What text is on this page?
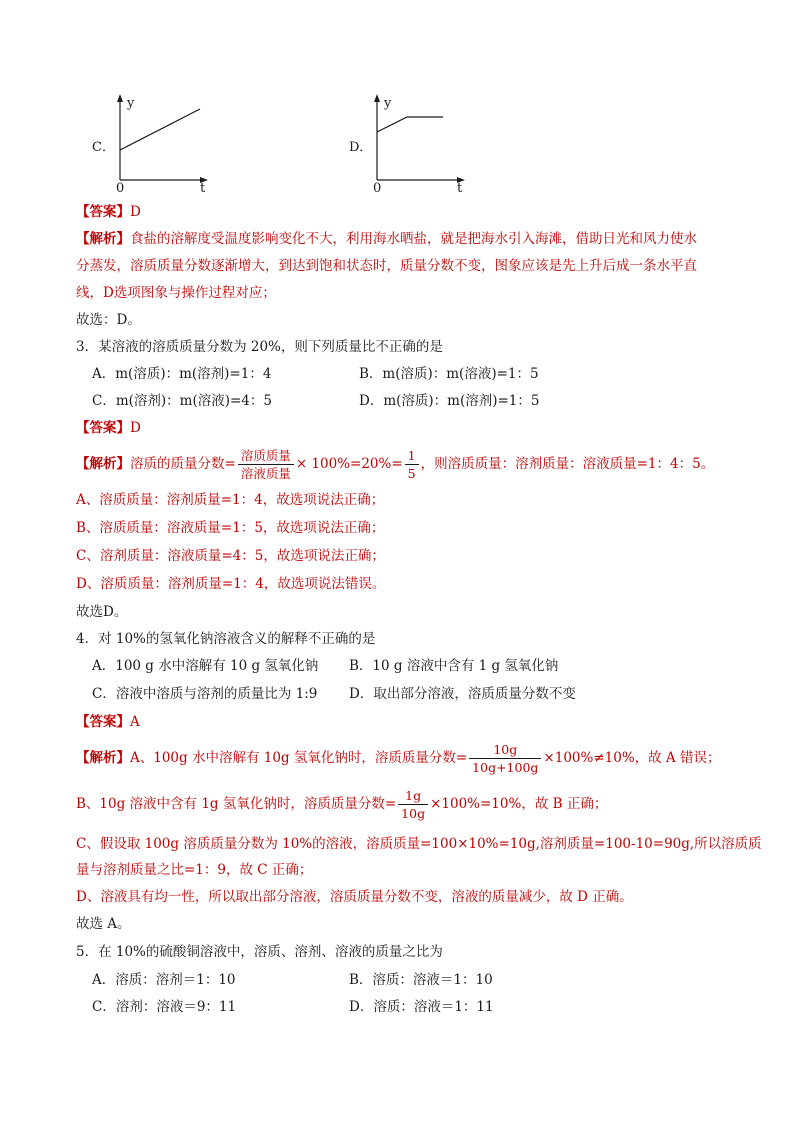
C．
y
0	t
D．
y
0	t
【答案】D
【解析】食盐的溶解度受温度影响变化不大，利用海水晒盐，就是把海水引入海滩，借助日光和风力使水
分蒸发，溶质质量分数逐渐增大，到达到饱和状态时，质量分数不变，图象应该是先上升后成一条水平直
线，D选项图象与操作过程对应；
故选：D。
3．某溶液的溶质质量分数为 20%，则下列质量比不正确的是
A．m(溶质)：m(溶剂)=1：4	B．m(溶质)：m(溶液)=1：5
C．m(溶剂)：m(溶液)=4：5	D．m(溶质)：m(溶剂)=1：5
【答案】D
【解析】溶质的质量分数= $\frac{\text{溶质质量}}{\text{溶液质量}} \times 100\%=20\%= \frac{1}{5}$ ，则溶质质量：溶剂质量：溶液质量=1：4：5。
A、溶质质量：溶剂质量=1：4，故选项说法正确；
B、溶质质量：溶液质量=1：5，故选项说法正确；
C、溶剂质量：溶液质量=4：5，故选项说法正确；
D、溶质质量：溶剂质量=1：4，故选项说法错误。
故选D。
4．对 10%的氢氧化钠溶液含义的解释不正确的是
A．100 g 水中溶解有 10 g 氢氧化钠 B．10 g 溶液中含有 1 g 氢氧化钠
C．溶液中溶质与溶剂的质量比为 1:9 D．取出部分溶液，溶质质量分数不变
【答案】A
【解析】A、100g 水中溶解有 10g 氢氧化钠时，溶质质量分数= $\frac{10g}{10g+100g} \times 100\%\ne 10\%$，故 A 错误；
B、10g 溶液中含有 1g 氢氧化钠时，溶质质量分数= $\frac{1g}{10g} \times 100\%=10\%$，故 B 正确；
C、假设取 100g 溶质质量分数为 10%的溶液，溶质质量=100×10%=10g,溶剂质量=100-10=90g,所以溶质质
量与溶剂质量之比=1：9，故 C 正确；
D、溶液具有均一性，所以取出部分溶液，溶质质量分数不变，溶液的质量减少，故 D 正确。
故选 A。
5．在 10%的硫酸铜溶液中，溶质、溶剂、溶液的质量之比为
A．溶质：溶剂＝1：10	B．溶质：溶液＝1：10
C．溶剂：溶液＝9：11	D．溶质：溶液＝1：11
